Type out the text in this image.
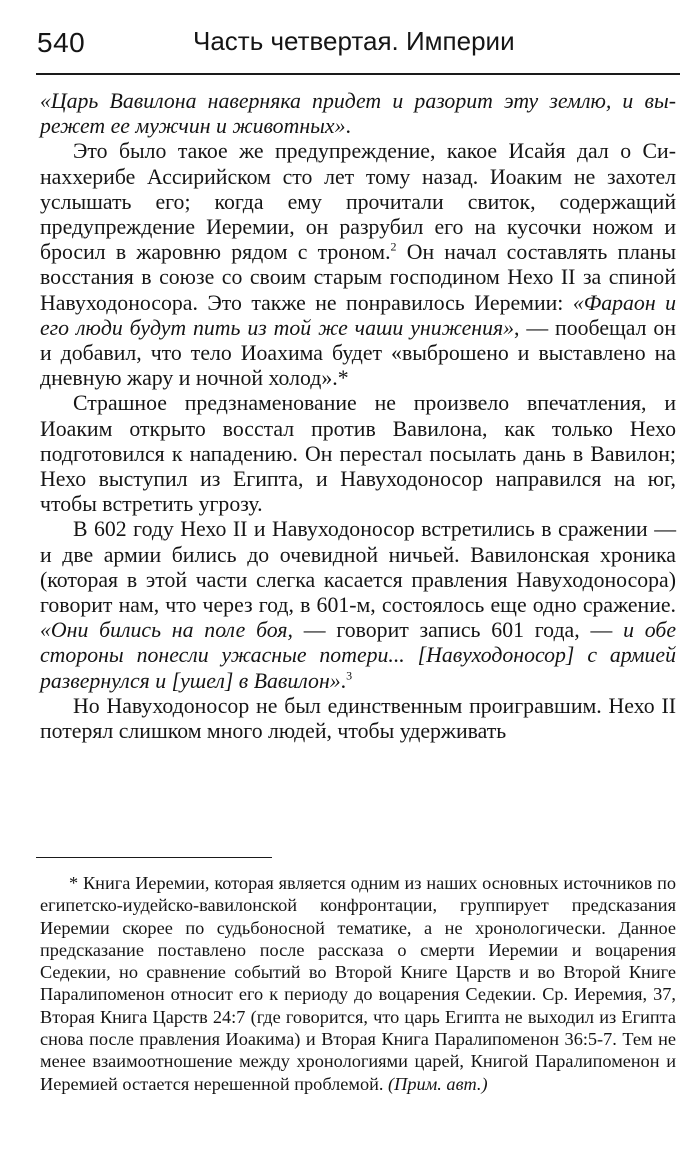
540	Часть четвертая. Империи

«Царь Вавилона наверняка придет и разорит эту землю, и вырежет ее мужчин и животных».

Это было такое же предупреждение, какое Исайя дал о Синаххерибе Ассирийском сто лет тому назад. Иоаким не захотел услышать его; когда ему прочитали свиток, содержащий предупреждение Иеремии, он разрубил его на кусочки ножом и бросил в жаровню рядом с троном.$^2$ Он начал составлять планы восстания в союзе со своим старым господином Нехо II за спиной Навуходоносора. Это также не понравилось Иеремии: «Фараон и его люди будут пить из той же чаши унижения», — пообещал он и добавил, что тело Иоахима будет «выброшено и выставлено на дневную жару и ночной холод».*

Страшное предзнаменование не произвело впечатления, и Иоаким открыто восстал против Вавилона, как только Нехо подготовился к нападению. Он перестал посылать дань в Вавилон; Нехо выступил из Египта, и Навуходоносор направился на юг, чтобы встретить угрозу.

В 602 году Нехо II и Навуходоносор встретились в сражении — и две армии бились до очевидной ничьей. Вавилонская хроника (которая в этой части слегка касается правления Навуходоносора) говорит нам, что через год, в 601-м, состоялось еще одно сражение. «Они бились на поле боя, — говорит запись 601 года, — и обе стороны понесли ужасные потери... [Навуходоносор] с армией развернулся и [ушел] в Вавилон».$^3$

Но Навуходоносор не был единственным проигравшим. Нехо II потерял слишком много людей, чтобы удерживать

* Книга Иеремии, которая является одним из наших основных источников по египетско-иудейско-вавилонской конфронтации, группирует предсказания Иеремии скорее по судьбоносной тематике, а не хронологически. Данное предсказание поставлено после рассказа о смерти Иеремии и воцарения Седекии, но сравнение событий во Второй Книге Царств и во Второй Книге Паралипоменон относит его к периоду до воцарения Седекии. Ср. Иеремия, 37, Вторая Книга Царств 24:7 (где говорится, что царь Египта не выходил из Египта снова после правления Иоакима) и Вторая Книга Паралипоменон 36:5-7. Тем не менее взаимоотношение между хронологиями царей, Книгой Паралипоменон и Иеремией остается нерешенной проблемой. (Прим. авт.)
